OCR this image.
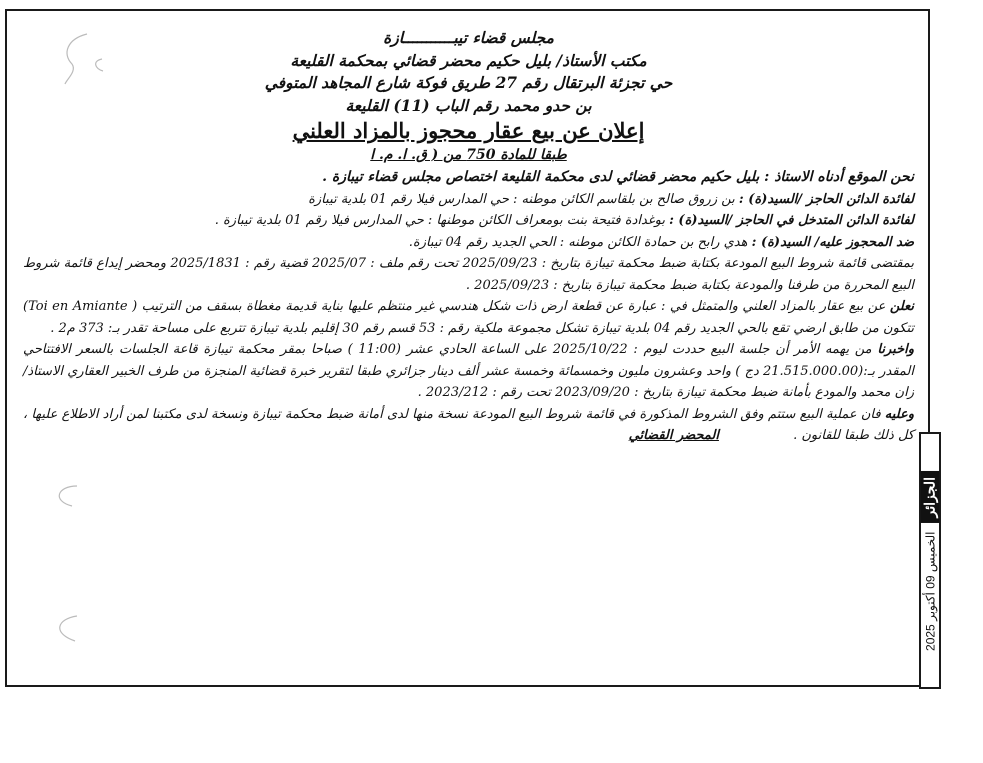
مجلس قضاء تيبـــــــــــازة
مكتب الأستاذ/ بليل حكيم محضر قضائي بمحكمة القليعة
حي تجزئة البرتقال رقم 27 طريق فوكة شارع المجاهد المتوفي
بن حدو محمد رقم الباب (11) القليعة
إعلان عن بيع عقار محجوز بالمزاد العلني
طبقا للمادة 750 من ( ق. ا. م. ا

نحن الموقع أدناه الاستاذ : بليل حكيم محضر قضائي لدى محكمة القليعة اختصاص مجلس قضاء تيبازة .

لفائدة الدائن الحاجز /السيد(ة) : بن زروق صالح بن بلقاسم الكائن موطنه : حي المدارس فيلا رقم 01 بلدية تيبازة

لفائدة الدائن المتدخل في الحاجز /السيد(ة) : بوغدادة فتيحة بنت بومعراف الكائن موطنها : حي المدارس فيلا رقم 01 بلدية تيبازة .

ضد المحجوز عليه/ السيد(ة) : هدي رابح بن حمادة الكائن موطنه : الحي الجديد رقم 04 تيبازة.

بمقتضى قائمة شروط البيع المودعة بكتابة ضبط محكمة تيبازة بتاريخ : 2025/09/23 تحت رقم ملف : 2025/07 قضية رقم : 2025/1831 ومحضر إيداع قائمة شروط البيع المحررة من طرفنا والمودعة بكتابة ضبط محكمة تيبازة بتاريخ : 2025/09/23 .

نعلن عن بيع عقار بالمزاد العلني والمتمثل في : عبارة عن قطعة ارض ذات شكل هندسي غير منتظم عليها بناية قديمة مغطاة بسقف من الترتيب ( Toi en Amiante) تتكون من طابق ارضي تقع بالحي الجديد رقم 04 بلدية تيبازة تشكل مجموعة ملكية رقم : 53 قسم رقم 30 إقليم بلدية تيبازة تتربع على مساحة تقدر بـ: 373 م2 .

واخبرنا من يهمه الأمر أن جلسة البيع حددت ليوم : 2025/10/22 على الساعة الحادي عشر (11:00 ) صباحا بمقر محكمة تيبازة قاعة الجلسات بالسعر الافتتاحي المقدر بـ:(21.515.000.00 دج ) واحد وعشرون مليون وخمسمائة وخمسة عشر ألف دينار جزائري طبقا لتقرير خبرة قضائية المنجزة من طرف الخبير العقاري الاستاذ/ زان محمد والمودع بأمانة ضبط محكمة تيبازة بتاريخ : 2023/09/20 تحت رقم : 2023/212 .

وعليه فان عملية البيع ستتم وفق الشروط المذكورة في قائمة شروط البيع المودعة نسخة منها لدى أمانة ضبط محكمة تيبازة ونسخة لدى مكتبنا لمن أراد الاطلاع عليها ، كل ذلك طبقا للقانون . المحضر القضائي

الجزائر
الخميس 09 أكتوبر 2025
